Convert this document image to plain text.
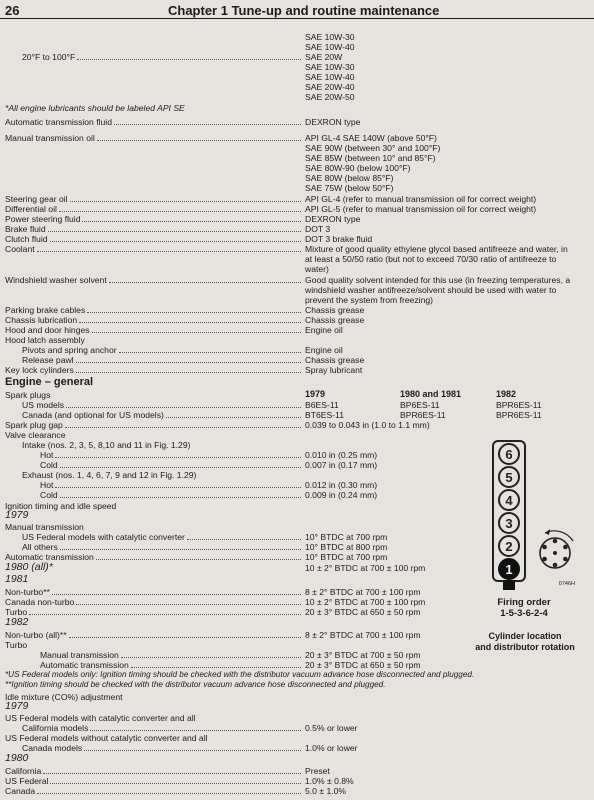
26	Chapter 1 Tune-up and routine maintenance
20°F to 100°F
SAE 10W-30
SAE 10W-40
SAE 20W
SAE 10W-30
SAE 10W-40
SAE 20W-40
SAE 20W-50
*All engine lubricants should be labeled API SE
Automatic transmission fluid	DEXRON type
Manual transmission oil	API GL-4 SAE 140W (above 50°F)
SAE 90W (between 30° and 100°F)
SAE 85W (between 10° and 85°F)
SAE 80W-90 (below 100°F)
SAE 80W (below 85°F)
SAE 75W (below 50°F)
Steering gear oil	API GL-4 (refer to manual transmission oil for correct weight)
Differential oil	API GL-5 (refer to manual transmission oil for correct weight)
Power steering fluid	DEXRON type
Brake fluid	DOT 3
Clutch fluid	DOT 3 brake fluid
Coolant	Mixture of good quality ethylene glycol based antifreeze and water, in
at least a 50/50 ratio (but not to exceed 70/30 ratio of antifreeze to
water)
Windshield washer solvent	Good quality solvent intended for this use (in freezing temperatures, a
windshield washer antifreeze/solvent should be used with water to
prevent the system from freezing)
Parking brake cables	Chassis grease
Chassis lubrication	Chassis grease
Hood and door hinges	Engine oil
Hood latch assembly
Pivots and spring anchor	Engine oil
Release pawl	Chassis grease
Key lock cylinders	Spray lubricant
Engine – general
Spark plugs	1979	1980 and 1981	1982
US models	B6ES-11	BP6ES-11	BPR6ES-11
Canada (and optional for US models)	BT6ES-11	BPR6ES-11	BPR6ES-11
Spark plug gap	0.039 to 0.043 in (1.0 to 1.1 mm)
Valve clearance
Intake (nos. 2, 3, 5, 8,10 and 11 in Fig. 1.29)
Hot	0.010 in (0.25 mm)
Cold	0.007 in (0.17 mm)
Exhaust (nos. 1, 4, 6, 7, 9 and 12 in Fig. 1.29)
Hot	0.012 in (0.30 mm)
Cold	0.009 in (0.24 mm)
Ignition timing and idle speed
1979
Manual transmission
US Federal models with catalytic converter	10° BTDC at 700 rpm
All others	10° BTDC at 800 rpm
Automatic transmission	10° BTDC at 700 rpm
1980 (all)*	10 ± 2° BTDC at 700 ± 100 rpm
1981
Non-turbo**	8 ± 2° BTDC at 700 ± 100 rpm
Canada non-turbo	10 ± 2° BTDC at 700 ± 100 rpm
Turbo	20 ± 3° BTDC at 650 ± 50 rpm
1982
Non-turbo (all)**	8 ± 2° BTDC at 700 ± 100 rpm
Turbo
Manual transmission	20 ± 3° BTDC at 700 ± 50 rpm
Automatic transmission	20 ± 3° BTDC at 650 ± 50 rpm
*US Federal models only: Ignition timing should be checked with the distributor vacuum advance hose disconnected and plugged.
**Ignition timing should be checked with the distributor vacuum advance hose disconnected and plugged.
Idle mixture (CO%) adjustment
1979
US Federal models with catalytic converter and all
California models	0.5% or lower
US Federal models without catalytic converter and all
Canada models	1.0% or lower
1980
California	Preset
US Federal	1.0% ± 0.8%
Canada	5.0 ± 1.0%
6
5
4
3
2
1
0746H
Firing order
1-5-3-6-2-4
Cylinder location
and distributor rotation
